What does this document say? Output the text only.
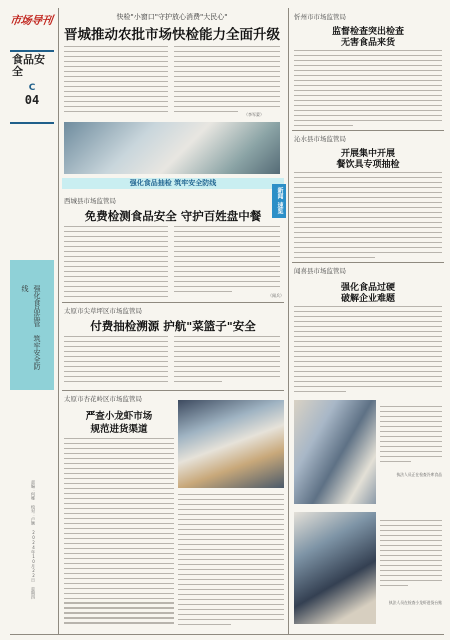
市场导刊
食品安全
C
04
强化食品监管 筑牢安全防线
责编：何娜 校对：卢颖 2024年10月22日 星期四
快检"小窗口"守护放心消费"大民心"
晋城推动农批市场快检能力全面升级
（李军蒙）
强化食品抽检 筑牢安全防线
西城县市场监管局
免费检测食品安全 守护百姓盘中餐
（闻兵）
太原市尖草坪区市场监管局
付费抽检溯源 护航"菜篮子"安全
太原市杏花岭区市场监管局
严查小龙虾市场
规范进货渠道
忻州市市场监管局
监督检查突出检查
无害食品来货
新闻
速览
沁水县市场监管局
开展集中开展
餐饮具专项抽检
闻喜县市场监管局
强化食品过硬
破解企业难题
执法人员正在检查冷库食品
执法人员在检查小龙虾进货台账
